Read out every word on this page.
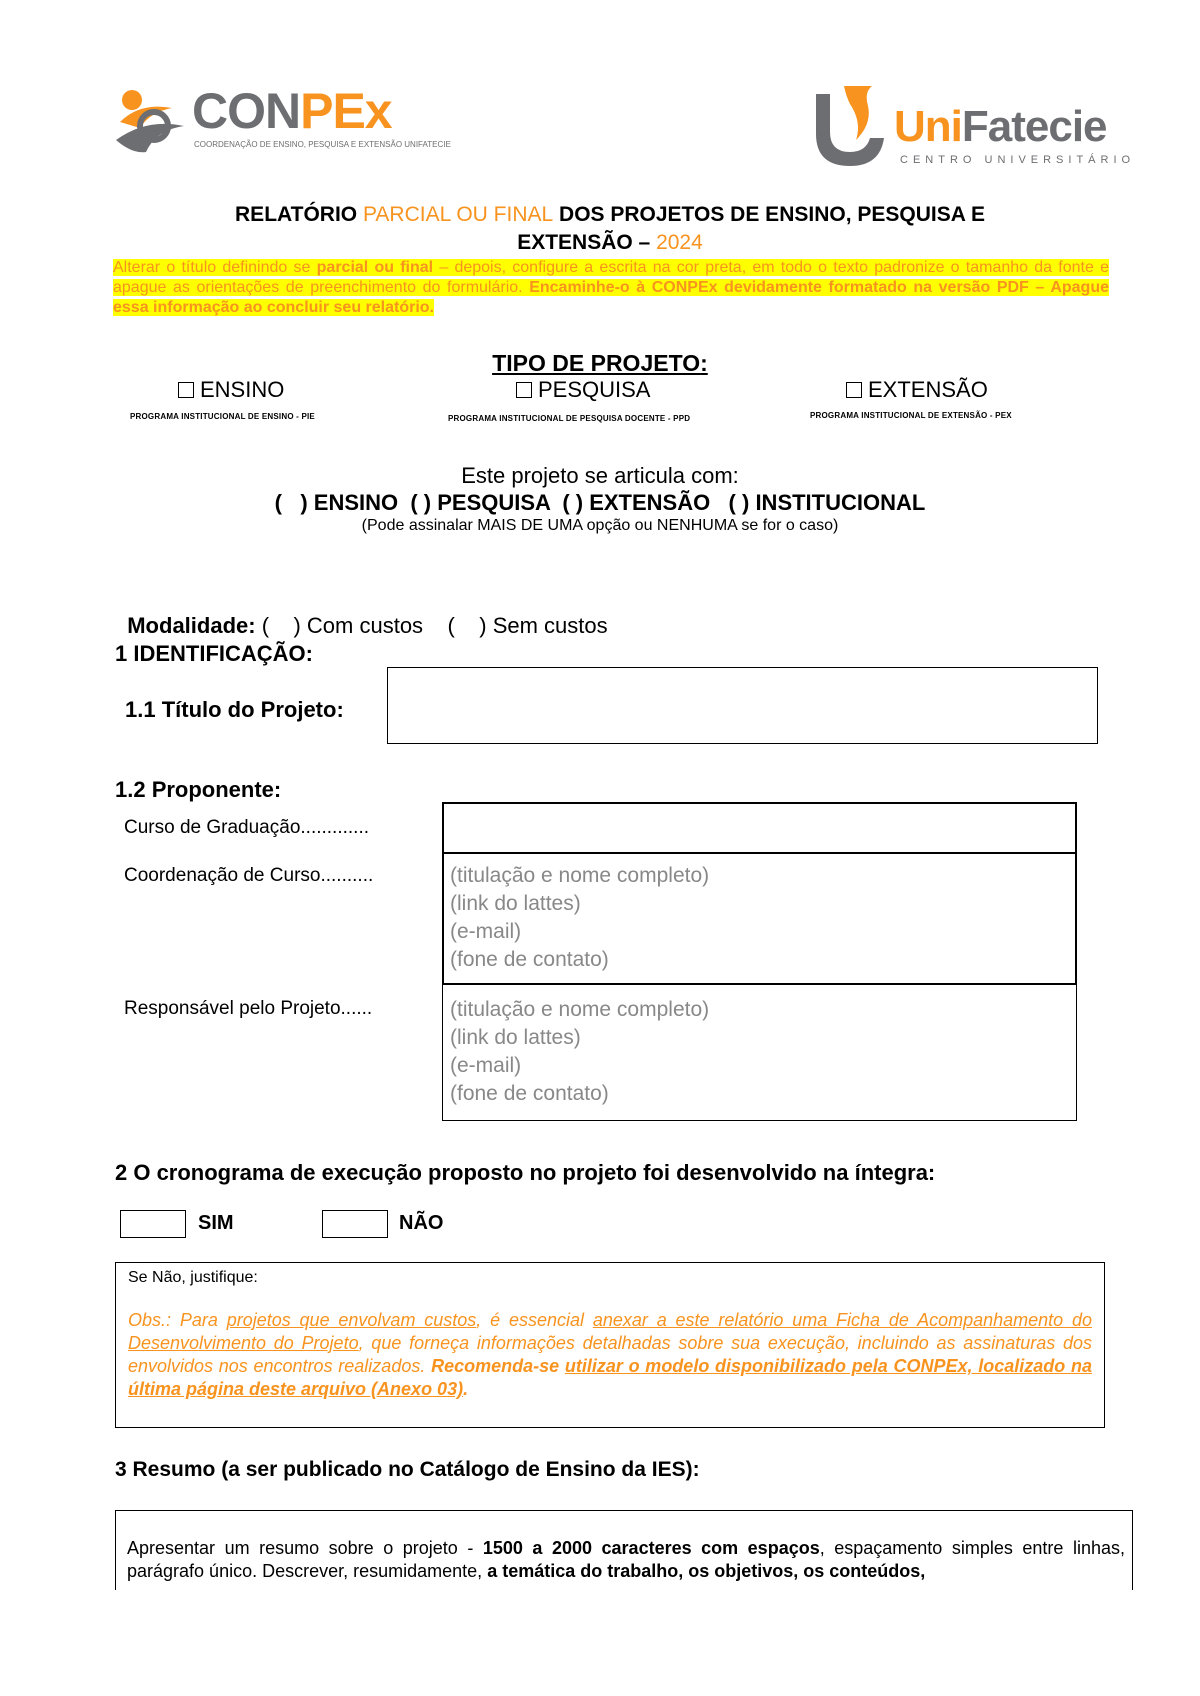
CONPEx
COORDENAÇÃO DE ENSINO, PESQUISA E EXTENSÃO UNIFATECIE	UniFatecie
CENTRO UNIVERSITÁRIO
RELATÓRIO PARCIAL OU FINAL DOS PROJETOS DE ENSINO, PESQUISA E
EXTENSÃO – 2024
Alterar o título definindo se parcial ou final – depois, configure a escrita na cor preta, em todo o texto padronize o tamanho da fonte e apague as orientações de preenchimento do formulário. Encaminhe-o à CONPEx devidamente formatado na versão PDF – Apague essa informação ao concluir seu relatório.
TIPO DE PROJETO:
ENSINO
PROGRAMA INSTITUCIONAL DE ENSINO - PIE
PESQUISA
PROGRAMA INSTITUCIONAL DE PESQUISA DOCENTE - PPD
EXTENSÃO
PROGRAMA INSTITUCIONAL DE EXTENSÃO - PEX
Este projeto se articula com:
(   ) ENSINO  ( ) PESQUISA  ( ) EXTENSÃO   ( ) INSTITUCIONAL
(Pode assinalar MAIS DE UMA opção ou NENHUMA se for o caso)

Modalidade: (    ) Com custos    (    ) Sem custos

1 IDENTIFICAÇÃO:
1.1 Título do Projeto:
1.2 Proponente:
Curso de Graduação.............
Coordenação de Curso..........
Responsável pelo Projeto......
(titulação e nome completo)
(link do lattes)
(e-mail)
(fone de contato)
(titulação e nome completo)
(link do lattes)
(e-mail)
(fone de contato)
2 O cronograma de execução proposto no projeto foi desenvolvido na íntegra:
SIM	NÃO
Se Não, justifique:
Obs.: Para projetos que envolvam custos, é essencial anexar a este relatório uma Ficha de Acompanhamento do Desenvolvimento do Projeto, que forneça informações detalhadas sobre sua execução, incluindo as assinaturas dos envolvidos nos encontros realizados. Recomenda-se utilizar o modelo disponibilizado pela CONPEx, localizado na última página deste arquivo (Anexo 03).
3 Resumo (a ser publicado no Catálogo de Ensino da IES):
Apresentar um resumo sobre o projeto - 1500 a 2000 caracteres com espaços, espaçamento simples entre linhas, parágrafo único. Descrever, resumidamente, a temática do trabalho, os objetivos, os conteúdos,
